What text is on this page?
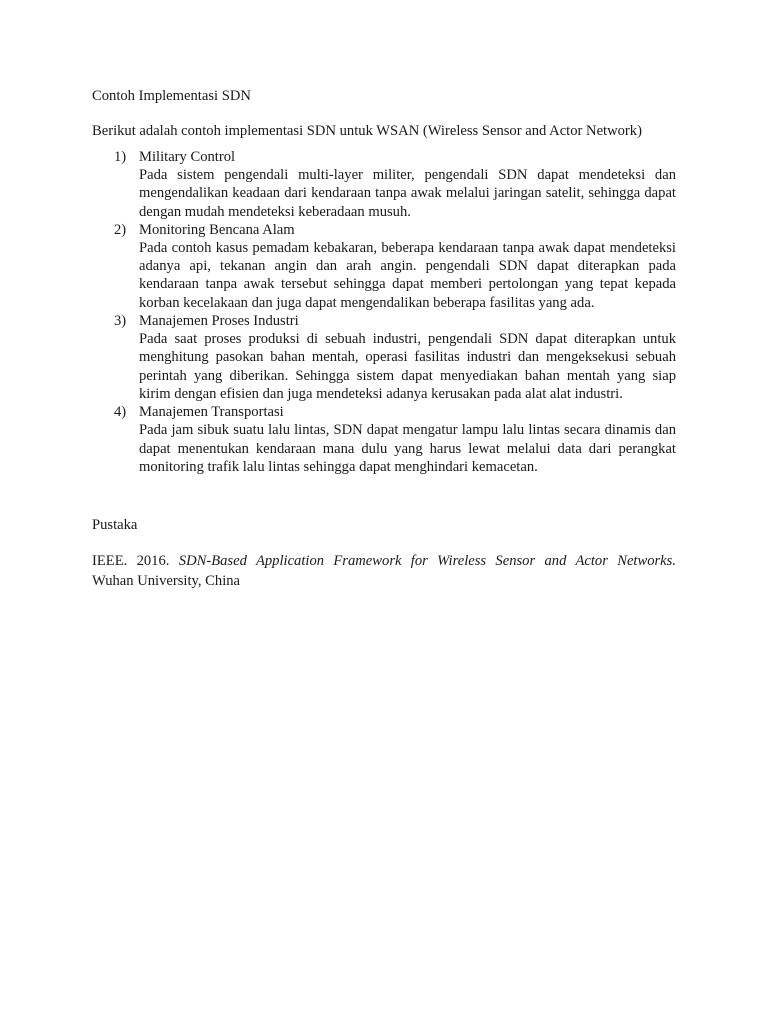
Contoh Implementasi SDN

Berikut adalah contoh implementasi SDN untuk WSAN (Wireless Sensor and Actor Network)

1) Military Control
Pada sistem pengendali multi-layer militer, pengendali SDN dapat mendeteksi dan mengendalikan keadaan dari kendaraan tanpa awak melalui jaringan satelit, sehingga dapat dengan mudah mendeteksi keberadaan musuh.
2) Monitoring Bencana Alam
Pada contoh kasus pemadam kebakaran, beberapa kendaraan tanpa awak dapat mendeteksi adanya api, tekanan angin dan arah angin. pengendali SDN dapat diterapkan pada kendaraan tanpa awak tersebut sehingga dapat memberi pertolongan yang tepat kepada korban kecelakaan dan juga dapat mengendalikan beberapa fasilitas yang ada.
3) Manajemen Proses Industri
Pada saat proses produksi di sebuah industri, pengendali SDN dapat diterapkan untuk menghitung pasokan bahan mentah, operasi fasilitas industri dan mengeksekusi sebuah perintah yang diberikan. Sehingga sistem dapat menyediakan bahan mentah yang siap kirim dengan efisien dan juga mendeteksi adanya kerusakan pada alat alat industri.
4) Manajemen Transportasi
Pada jam sibuk suatu lalu lintas, SDN dapat mengatur lampu lalu lintas secara dinamis dan dapat menentukan kendaraan mana dulu yang harus lewat melalui data dari perangkat monitoring trafik lalu lintas sehingga dapat menghindari kemacetan.

Pustaka

IEEE. 2016. SDN-Based Application Framework for Wireless Sensor and Actor Networks.
Wuhan University, China
